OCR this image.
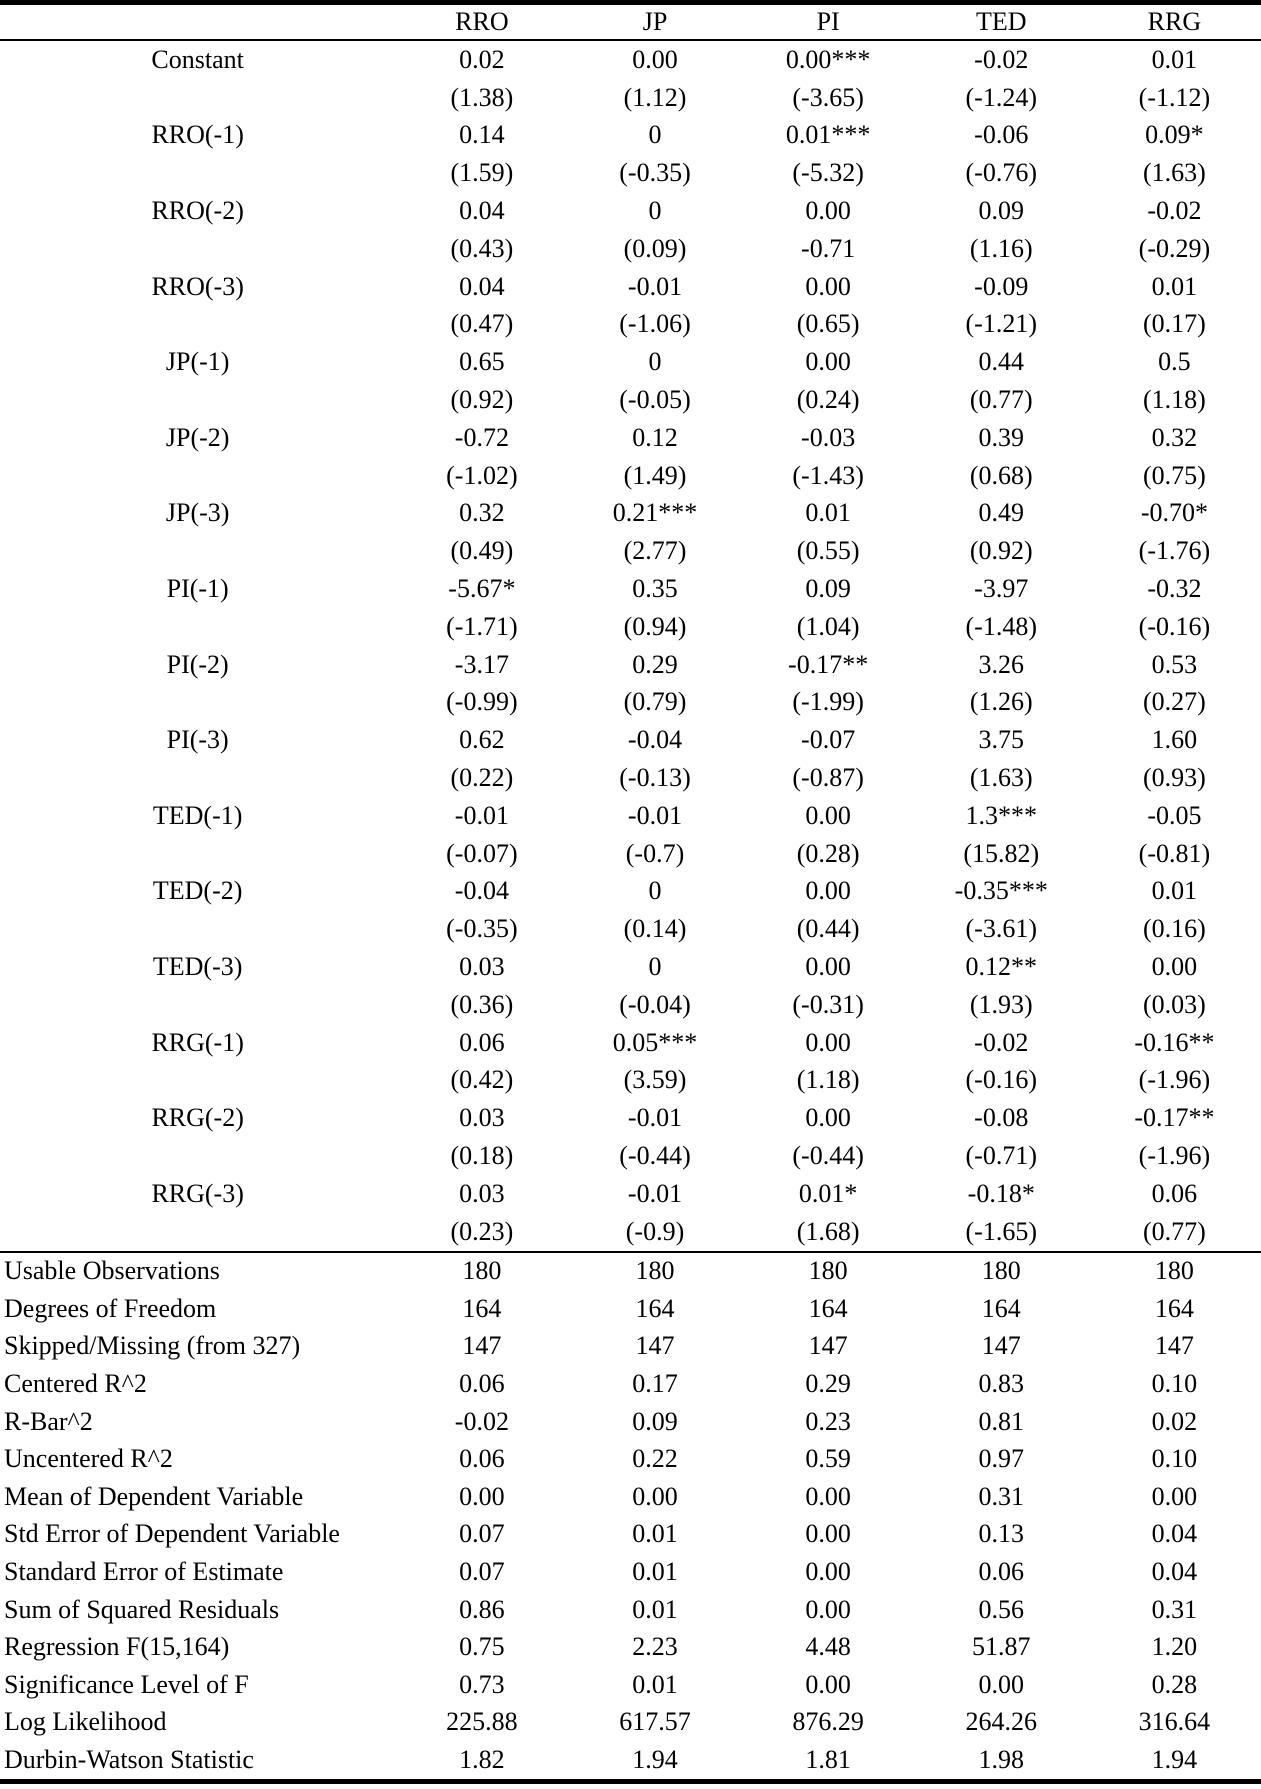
	RRO	JP	PI	TED	RRG
Constant	0.02	0.00	0.00***	-0.02	0.01
	(1.38)	(1.12)	(-3.65)	(-1.24)	(-1.12)
RRO(-1)	0.14	0	0.01***	-0.06	0.09*
	(1.59)	(-0.35)	(-5.32)	(-0.76)	(1.63)
RRO(-2)	0.04	0	0.00	0.09	-0.02
	(0.43)	(0.09)	-0.71	(1.16)	(-0.29)
RRO(-3)	0.04	-0.01	0.00	-0.09	0.01
	(0.47)	(-1.06)	(0.65)	(-1.21)	(0.17)
JP(-1)	0.65	0	0.00	0.44	0.5
	(0.92)	(-0.05)	(0.24)	(0.77)	(1.18)
JP(-2)	-0.72	0.12	-0.03	0.39	0.32
	(-1.02)	(1.49)	(-1.43)	(0.68)	(0.75)
JP(-3)	0.32	0.21***	0.01	0.49	-0.70*
	(0.49)	(2.77)	(0.55)	(0.92)	(-1.76)
PI(-1)	-5.67*	0.35	0.09	-3.97	-0.32
	(-1.71)	(0.94)	(1.04)	(-1.48)	(-0.16)
PI(-2)	-3.17	0.29	-0.17**	3.26	0.53
	(-0.99)	(0.79)	(-1.99)	(1.26)	(0.27)
PI(-3)	0.62	-0.04	-0.07	3.75	1.60
	(0.22)	(-0.13)	(-0.87)	(1.63)	(0.93)
TED(-1)	-0.01	-0.01	0.00	1.3***	-0.05
	(-0.07)	(-0.7)	(0.28)	(15.82)	(-0.81)
TED(-2)	-0.04	0	0.00	-0.35***	0.01
	(-0.35)	(0.14)	(0.44)	(-3.61)	(0.16)
TED(-3)	0.03	0	0.00	0.12**	0.00
	(0.36)	(-0.04)	(-0.31)	(1.93)	(0.03)
RRG(-1)	0.06	0.05***	0.00	-0.02	-0.16**
	(0.42)	(3.59)	(1.18)	(-0.16)	(-1.96)
RRG(-2)	0.03	-0.01	0.00	-0.08	-0.17**
	(0.18)	(-0.44)	(-0.44)	(-0.71)	(-1.96)
RRG(-3)	0.03	-0.01	0.01*	-0.18*	0.06
	(0.23)	(-0.9)	(1.68)	(-1.65)	(0.77)
Usable Observations	180	180	180	180	180
Degrees of Freedom	164	164	164	164	164
Skipped/Missing (from 327)	147	147	147	147	147
Centered R^2	0.06	0.17	0.29	0.83	0.10
R-Bar^2	-0.02	0.09	0.23	0.81	0.02
Uncentered R^2	0.06	0.22	0.59	0.97	0.10
Mean of Dependent Variable	0.00	0.00	0.00	0.31	0.00
Std Error of Dependent Variable	0.07	0.01	0.00	0.13	0.04
Standard Error of Estimate	0.07	0.01	0.00	0.06	0.04
Sum of Squared Residuals	0.86	0.01	0.00	0.56	0.31
Regression F(15,164)	0.75	2.23	4.48	51.87	1.20
Significance Level of F	0.73	0.01	0.00	0.00	0.28
Log Likelihood	225.88	617.57	876.29	264.26	316.64
Durbin-Watson Statistic	1.82	1.94	1.81	1.98	1.94
